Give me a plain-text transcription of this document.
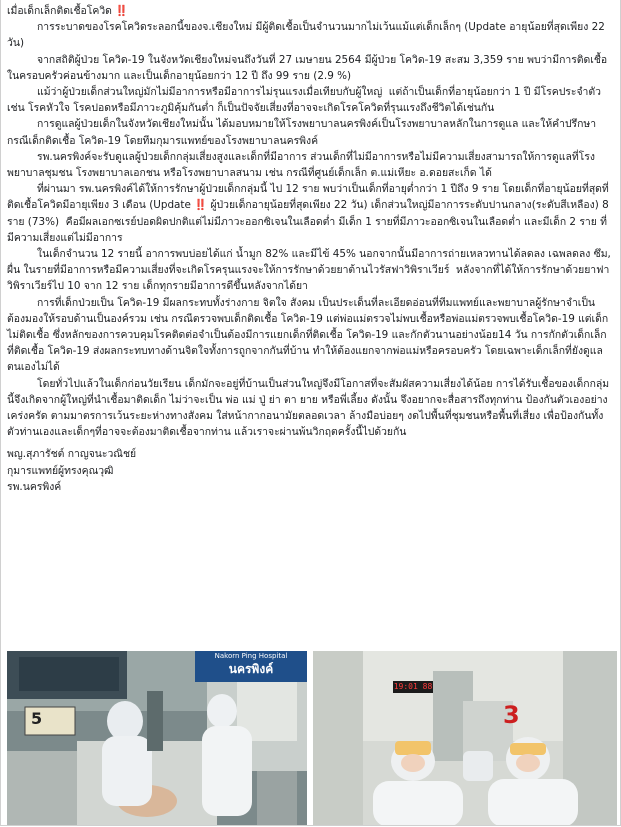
เมื่อเด็กเล็กติดเชื้อโควิด ‼️

การระบาดของโรคโควิดระลอกนี้ของจ.เชียงใหม่ มีผู้ติดเชื้อเป็นจำนวนมากไม่เว้นแม้แต่เด็กเล็กๆ (Update อายุน้อยที่สุดเพียง 22 วัน)

จากสถิติผู้ป่วย โควิด-19 ในจังหวัดเชียงใหม่จนถึงวันที่ 27 เมษายน 2564 มีผู้ป่วย โควิด-19 สะสม 3,359 ราย พบว่ามีการติดเชื้อในครอบครัวค่อนข้างมาก และเป็นเด็กอายุน้อยกว่า 12 ปี ถึง 99 ราย (2.9 %)

แม้ว่าผู้ป่วยเด็กส่วนใหญ่มักไม่มีอาการหรือมีอาการไม่รุนแรงเมื่อเทียบกับผู้ใหญ่  แต่ถ้าเป็นเด็กที่อายุน้อยกว่า 1 ปี มีโรคประจำตัว เช่น โรคหัวใจ โรคปอดหรือมีภาวะภูมิคุ้มกันต่ำ ก็เป็นปัจจัยเสี่ยงที่อาจจะเกิดโรคโควิดที่รุนแรงถึงชีวิตได้เช่นกัน

การดูแลผู้ป่วยเด็กในจังหวัดเชียงใหม่นั้น ได้มอบหมายให้โรงพยาบาลนครพิงค์เป็นโรงพยาบาลหลักในการดูแล และให้คำปรึกษากรณีเด็กติดเชื้อ โควิด-19 โดยทีมกุมารแพทย์ของโรงพยาบาลนครพิงค์

รพ.นครพิงค์จะรับดูแลผู้ป่วยเด็กกลุ่มเสี่ยงสูงและเด็กที่มีอาการ ส่วนเด็กที่ไม่มีอาการหรือไม่มีความเสี่ยงสามารถให้การดูแลที่โรงพยาบาลชุมชน โรงพยาบาลเอกชน หรือโรงพยาบาลสนาม เช่น กรณีที่ศูนย์เด็กเล็ก ต.แม่เหียะ อ.ดอยสะเก็ด ได้

ที่ผ่านมา รพ.นครพิงค์ได้ให้การรักษาผู้ป่วยเด็กกลุ่มนี้ ไป 12 ราย พบว่าเป็นเด็กที่อายุต่ำกว่า 1 ปีถึง 9 ราย โดยเด็กที่อายุน้อยที่สุดที่ติดเชื้อโควิดมีอายุเพียง 3 เดือน (Update ‼️ ผู้ป่วยเด็กอายุน้อยที่สุดเพียง 22 วัน) เด็กส่วนใหญ่มีอาการระดับปานกลาง(ระดับสีเหลือง) 8 ราย (73%)  คือมีผลเอกซเรย์ปอดผิดปกติแต่ไม่มีภาวะออกซิเจนในเลือดต่ำ มีเด็ก 1 รายที่มีภาวะออกซิเจนในเลือดต่ำ และมีเด็ก 2 ราย ที่มีความเสี่ยงแต่ไม่มีอาการ

ในเด็กจำนวน 12 รายนี้ อาการพบบ่อยได้แก่ น้ำมูก 82% และมีไข้ 45% นอกจากนั้นมีอาการถ่ายเหลวทานได้ลดลง เฉพลดลง ซึม, ผื่น ในรายที่มีอาการหรือมีความเสี่ยงที่จะเกิดโรครุนแรงจะให้การรักษาด้วยยาต้านไวรัสฟาวิพิราเวียร์  หลังจากที่ได้ให้การรักษาด้วยยาฟาวิพิราเวียร์ไป 10 จาก 12 ราย เด็กทุกรายมีอาการดีขึ้นหลังจากได้ยา

การที่เด็กป่วยเป็น โควิด-19 มีผลกระทบทั้งร่างกาย จิตใจ สังคม เป็นประเด็นที่ละเอียดอ่อนที่ทีมแพทย์และพยาบาลผู้รักษาจำเป็นต้องมองให้รอบด้านเป็นองค์รวม เช่น กรณีตรวจพบเด็กติดเชื้อ โควิด-19 แต่พ่อแม่ตรวจไม่พบเชื้อหรือพ่อแม่ตรวจพบเชื้อโควิด-19 แต่เด็กไม่ติดเชื้อ ซึ่งหลักของการควบคุมโรคติดต่อจำเป็นต้องมีการแยกเด็กที่ติดเชื้อ โควิด-19 และกักตัวนานอย่างน้อย14 วัน การกักตัวเด็กเล็กที่ติดเชื้อ โควิด-19 ส่งผลกระทบทางด้านจิตใจทั้งการถูกจากกันที่บ้าน ทำให้ต้องแยกจากพ่อแม่หรือครอบครัว โดยเฉพาะเด็กเล็กที่ยังดูแลตนเองไม่ได้

โดยทั่วไปแล้วในเด็กก่อนวัยเรียน เด็กมักจะอยู่ที่บ้านเป็นส่วนใหญ่จึงมีโอกาสที่จะสัมผัสความเสี่ยงได้น้อย การได้รับเชื้อของเด็กกลุ่มนี้จึงเกิดจากผู้ใหญ่ที่นำเชื้อมาติดเด็ก ไม่ว่าจะเป็น พ่อ แม่ ปู่ ย่า ตา ยาย หรือพี่เลี้ยง ดังนั้น จึงอยากจะสื่อสารถึงทุกท่าน ป้องกันตัวเองอย่างเคร่งครัด ตามมาตรการเว้นระยะห่างทางสังคม ใส่หน้ากากอนามัยตลอดเวลา ล้างมือบ่อยๆ งดไปพื้นที่ชุมชนหรือพื้นที่เสี่ยง เพื่อป้องกันทั้งตัวท่านเองและเด็กๆที่อาจจะต้องมาติดเชื้อจากท่าน แล้วเราจะผ่านพ้นวิกฤตครั้งนี้ไปด้วยกัน

พญ.สุภารัชต์ กาญจนะวณิชย์

กุมารแพทย์ผู้ทรงคุณวุฒิ

รพ.นครพิงค์

Nakorn Ping Hospital
นครพิงค์
5
19:01 88
3
